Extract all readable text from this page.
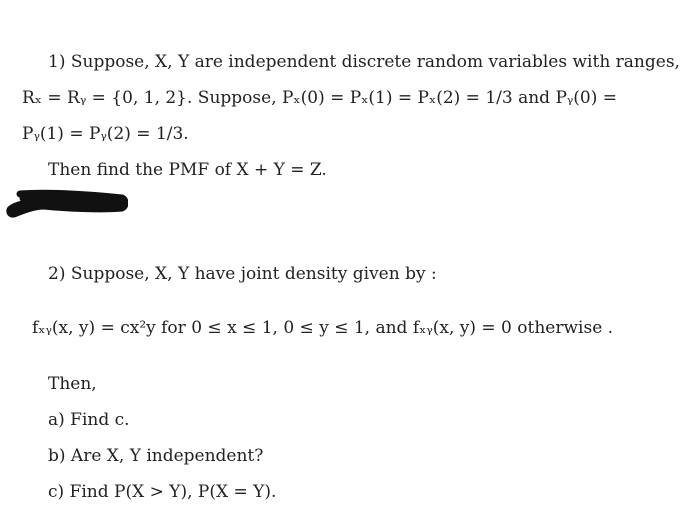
1) Suppose, X, Y are independent discrete random variables with ranges,
Rₓ = Rᵧ = {0, 1, 2}. Suppose, Pₓ(0) = Pₓ(1) = Pₓ(2) = 1/3 and Pᵧ(0) =
Pᵧ(1) = Pᵧ(2) = 1/3.
Then find the PMF of X + Y = Z.
2) Suppose, X, Y have joint density given by :
fₓᵧ(x, y) = cx²y for 0 ≤ x ≤ 1, 0 ≤ y ≤ 1, and fₓᵧ(x, y) = 0 otherwise .
Then,
a) Find c.
b) Are X, Y independent?
c) Find P(X > Y), P(X = Y).
